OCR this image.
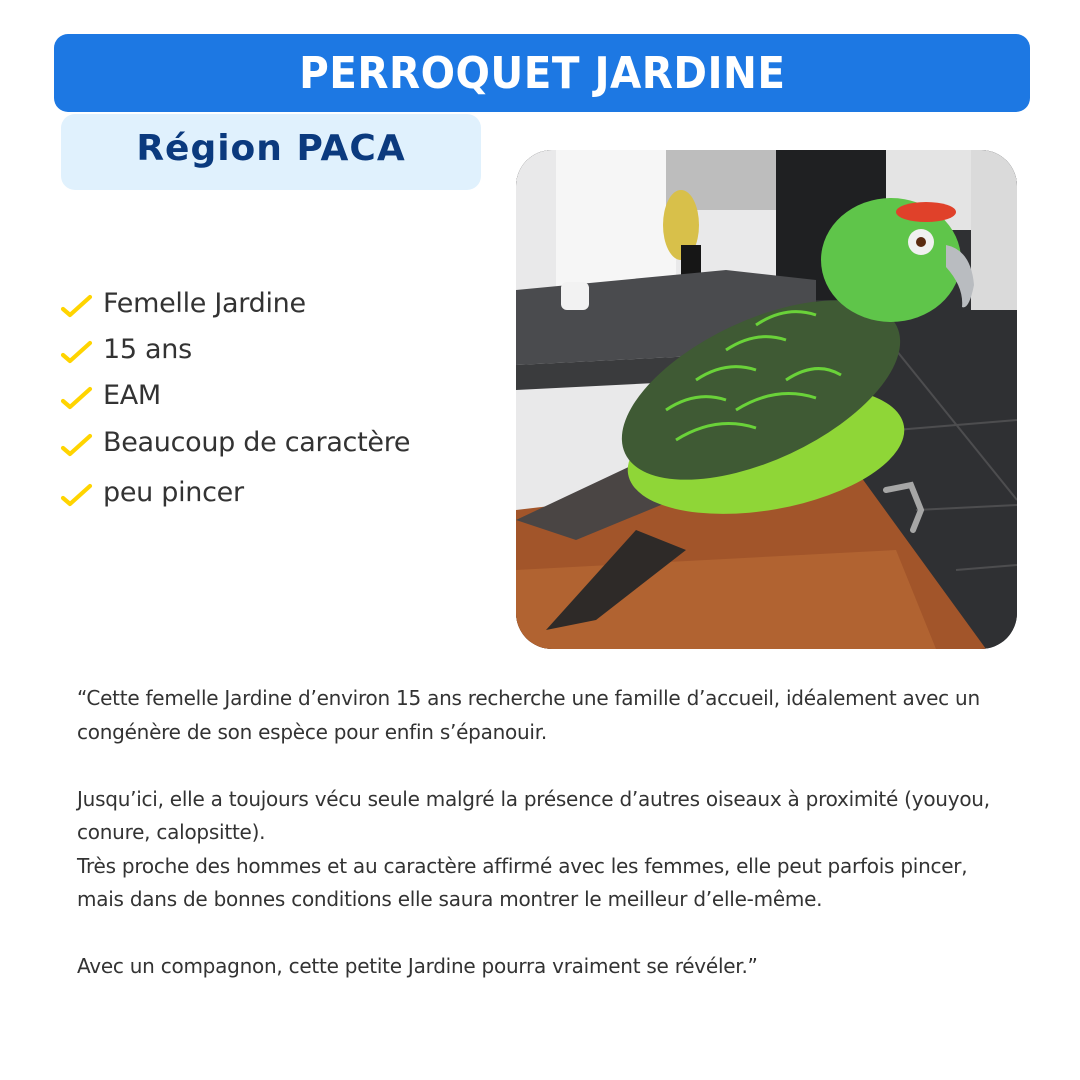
PERROQUET JARDINE
Région PACA
Femelle Jardine
15 ans
EAM
Beaucoup de caractère
peu pincer

“Cette femelle Jardine d’environ 15 ans recherche une famille d’accueil, idéalement avec un congénère de son espèce pour enfin s’épanouir.

Jusqu’ici, elle a toujours vécu seule malgré la présence d’autres oiseaux à proximité (youyou, conure, calopsitte).

Très proche des hommes et au caractère affirmé avec les femmes, elle peut parfois pincer, mais dans de bonnes conditions elle saura montrer le meilleur d’elle-même.

Avec un compagnon, cette petite Jardine pourra vraiment se révéler.”
